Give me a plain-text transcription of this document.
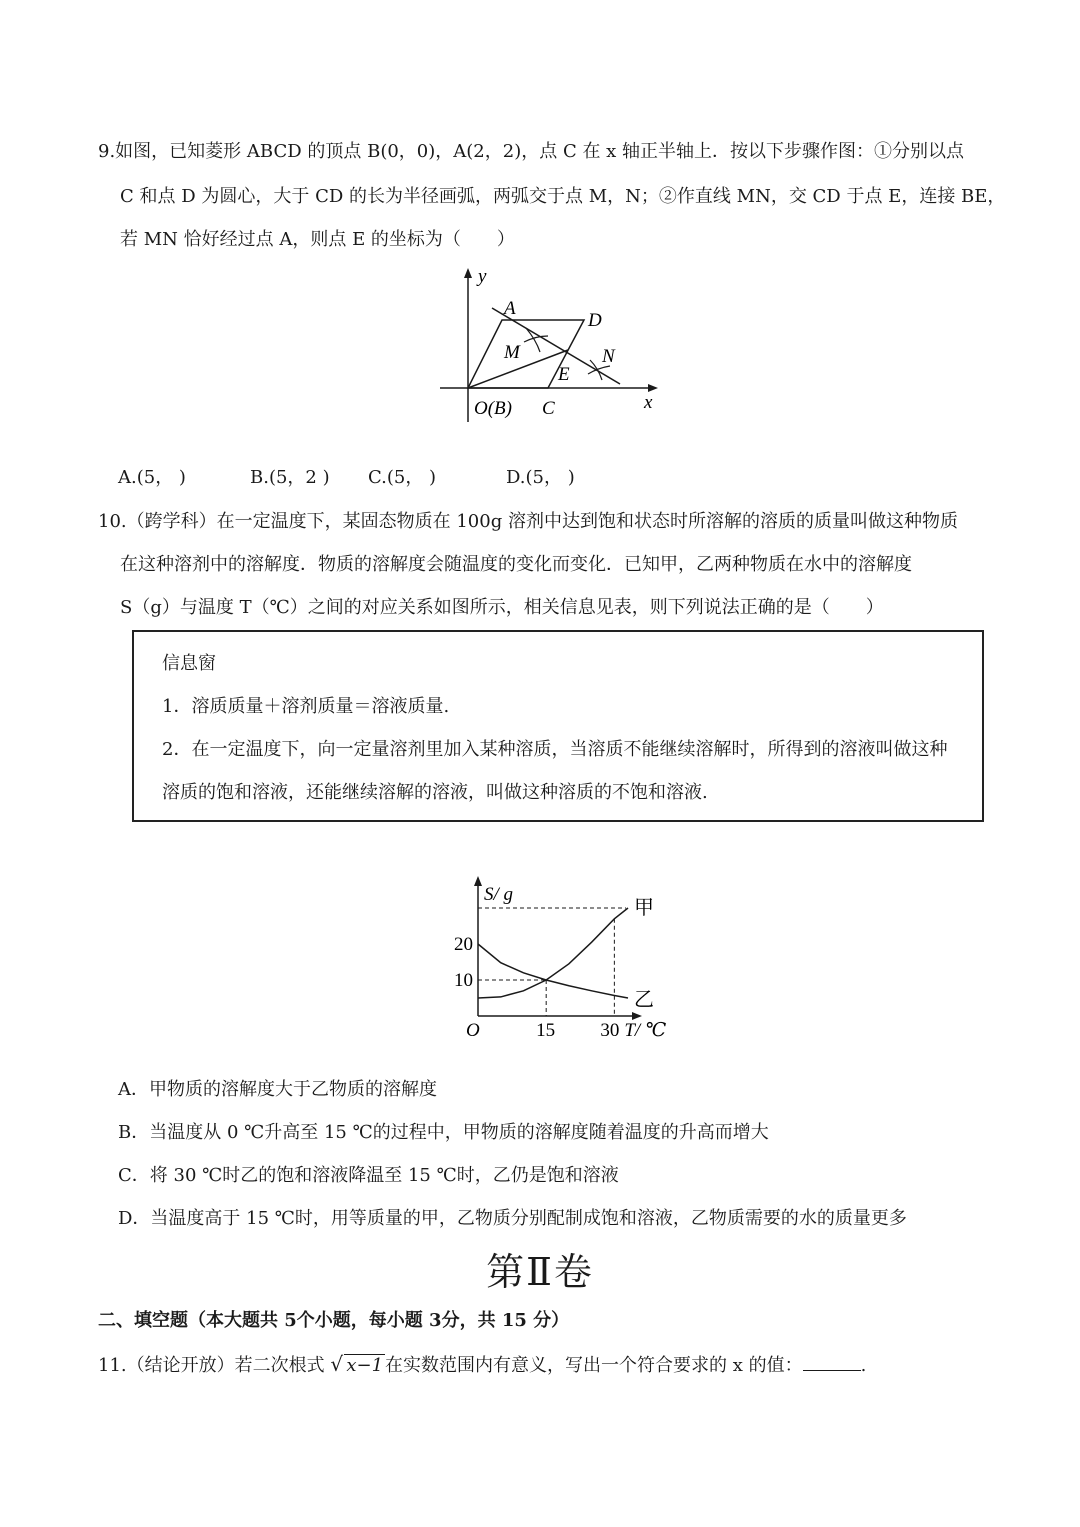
9.如图，已知菱形 ABCD 的顶点 B(0，0)，A(2，2)，点 C 在 x 轴正半轴上．按以下步骤作图：①分别以点
C 和点 D 为圆心，大于 CD 的长为半径画弧，两弧交于点 M，N；②作直线 MN，交 CD 于点 E，连接 BE，
若 MN 恰好经过点 A，则点 E 的坐标为（　　）
y
A
D
M	N
E
O(B) C	x
A.(5， )	B.(5，2 ) C.(5， )	D.(5， )
10.（跨学科）在一定温度下，某固态物质在 100g 溶剂中达到饱和状态时所溶解的溶质的质量叫做这种物质
在这种溶剂中的溶解度．物质的溶解度会随温度的变化而变化．已知甲，乙两种物质在水中的溶解度
S（g）与温度 T（℃）之间的对应关系如图所示，相关信息见表，则下列说法正确的是（　　）
信息窗
1．溶质质量＋溶剂质量＝溶液质量.
2．在一定温度下，向一定量溶剂里加入某种溶质，当溶质不能继续溶解时，所得到的溶液叫做这种
溶质的饱和溶液，还能继续溶解的溶液，叫做这种溶质的不饱和溶液.
甲
乙
S/ g
O	15 30 T/ ℃
10
20
A．甲物质的溶解度大于乙物质的溶解度
B．当温度从 0 ℃升高至 15 ℃的过程中，甲物质的溶解度随着温度的升高而增大
C．将 30 ℃时乙的饱和溶液降温至 15 ℃时，乙仍是饱和溶液
D．当温度高于 15 ℃时，用等质量的甲，乙物质分别配制成饱和溶液，乙物质需要的水的质量更多
第Ⅱ卷
二、填空题（本大题共 5个小题，每小题 3分，共 15 分）
11.（结论开放）若二次根式 √ x−1 在实数范围内有意义，写出一个符合要求的 x 的值：	.
